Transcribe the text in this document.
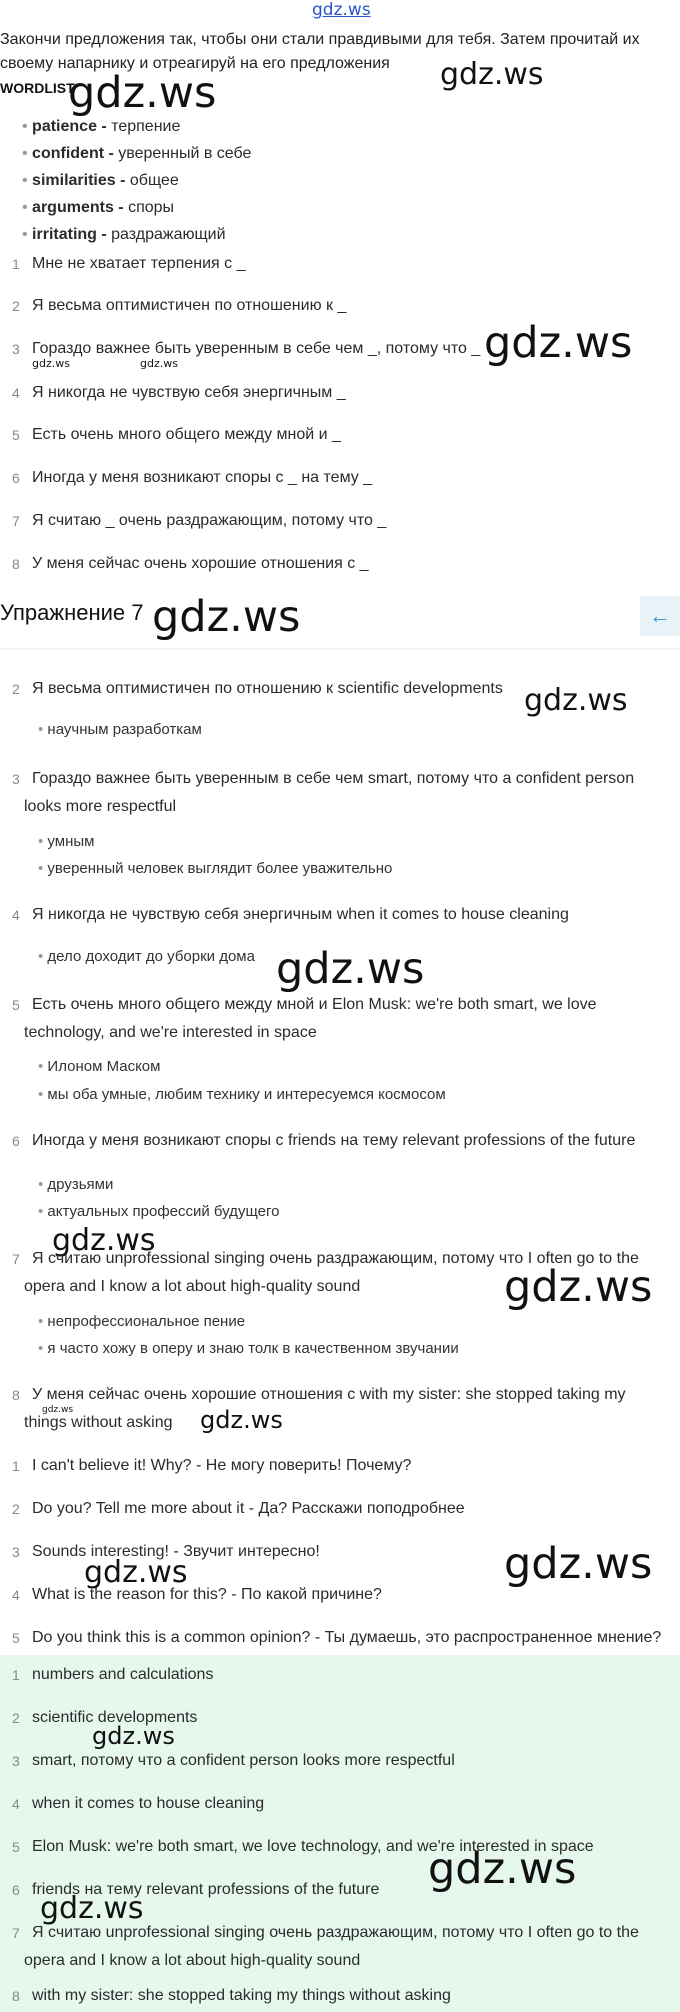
gdz.ws
Закончи предложения так, чтобы они стали правдивыми для тебя. Затем прочитай их своему напарнику и отреагируй на его предложения
WORDLIST
gdz.ws	gdz.ws
• patience - терпение
• confident - уверенный в себе
• similarities - общее
• arguments - споры
• irritating - раздражающий
1 Мне не хватает терпения с _
2 Я весьма оптимистичен по отношению к _
3 Гораздо важнее быть уверенным в себе чем _, потому что _
gdz.ws	gdz.ws	gdz.ws
4 Я никогда не чувствую себя энергичным _
5 Есть очень много общего между мной и _
6 Иногда у меня возникают споры с _ на тему _
7 Я считаю _ очень раздражающим, потому что _
8 У меня сейчас очень хорошие отношения с _
Упражнение 7 gdz.ws	←
2 Я весьма оптимистичен по отношению к scientific developments gdz.ws
• научным разработкам
3 Гораздо важнее быть уверенным в себе чем smart, потому что a confident person
looks more respectful
• умным
• уверенный человек выглядит более уважительно
4 Я никогда не чувствую себя энергичным when it comes to house cleaning
• дело доходит до уборки дома gdz.ws
5 Есть очень много общего между мной и Elon Musk: we're both smart, we love
technology, and we're interested in space
• Илоном Маском
• мы оба умные, любим технику и интересуемся космосом
6 Иногда у меня возникают споры с friends на тему relevant professions of the future
• друзьями
• актуальных профессий будущего
gdz.ws
7 Я считаю unprofessional singing очень раздражающим, потому что I often go to the
opera and I know a lot about high-quality sound	gdz.ws
• непрофессиональное пение
• я часто хожу в оперу и знаю толк в качественном звучании
8 У меня сейчас очень хорошие отношения с with my sister: she stopped taking my
gdz.ws
things without asking gdz.ws
1 I can't believe it! Why? - Не могу поверить! Почему?
2 Do you? Tell me more about it - Да? Расскажи поподробнее
3 Sounds interesting! - Звучит интересно!
gdz.ws	gdz.ws
4 What is the reason for this? - По какой причине?
5 Do you think this is a common opinion? - Ты думаешь, это распространенное мнение?
1 numbers and calculations
2 scientific developments
gdz.ws
3 smart, потому что a confident person looks more respectful
4 when it comes to house cleaning
5 Elon Musk: we're both smart, we love technology, and we're interested in space
gdz.ws
6 friends на тему relevant professions of the future
gdz.ws
7 Я считаю unprofessional singing очень раздражающим, потому что I often go to the
opera and I know a lot about high-quality sound
8 with my sister: she stopped taking my things without asking
